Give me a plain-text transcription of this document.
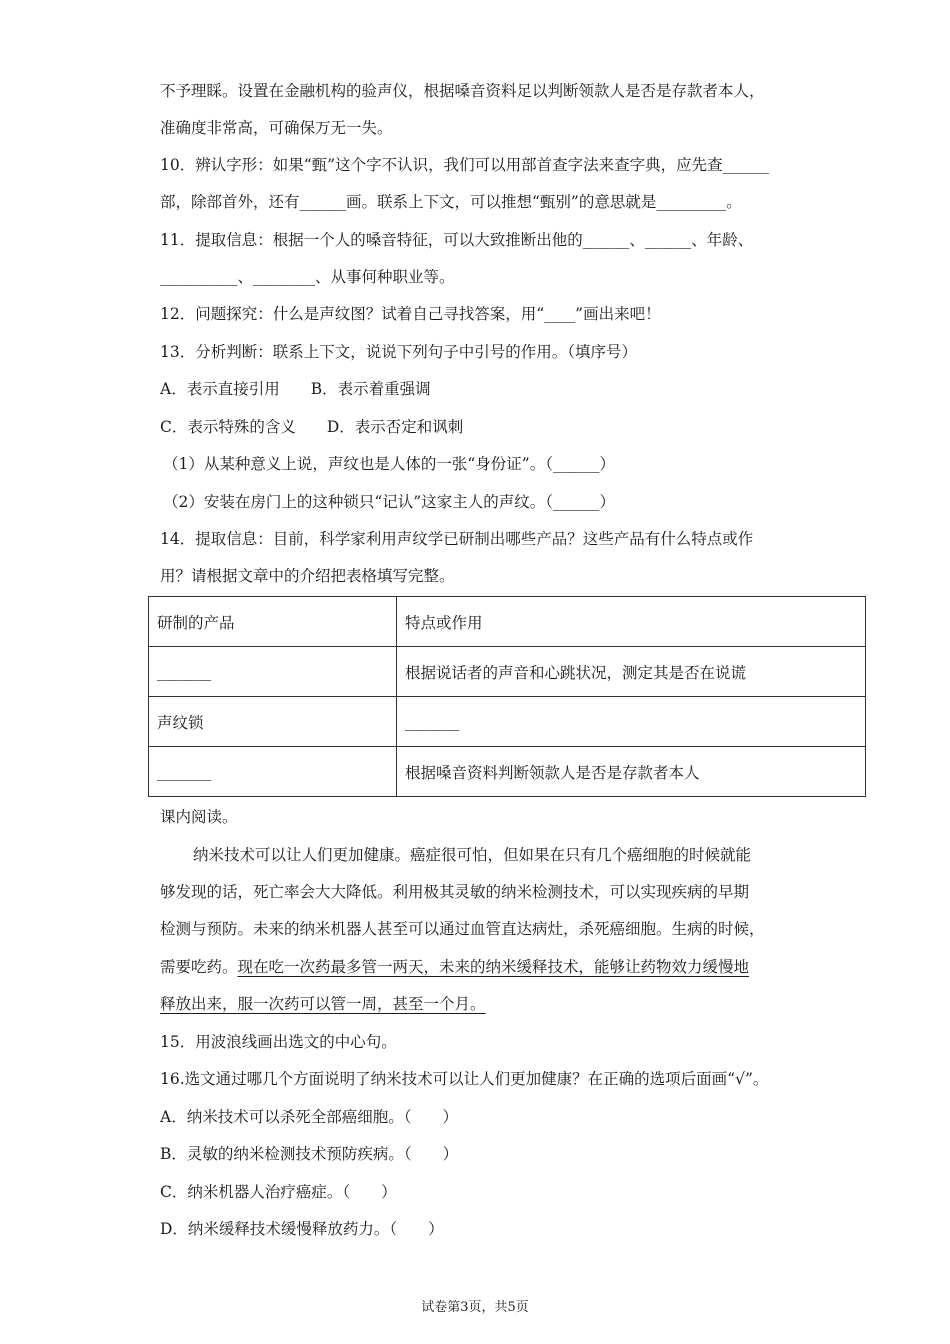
不予理睬。设置在金融机构的验声仪，根据嗓音资料足以判断领款人是否是存款者本人，
准确度非常高，可确保万无一失。
10．辨认字形：如果“甄”这个字不认识，我们可以用部首查字法来查字典，应先查______
部，除部首外，还有______画。联系上下文，可以推想“甄别”的意思就是_________。
11．提取信息：根据一个人的嗓音特征，可以大致推断出他的______、______、年龄、
__________、________、从事何种职业等。
12．问题探究：什么是声纹图？试着自己寻找答案，用“____”画出来吧！
13．分析判断：联系上下文，说说下列句子中引号的作用。（填序号）
A．表示直接引用　　B．表示着重强调
C．表示特殊的含义　　D．表示否定和讽刺
（1）从某种意义上说，声纹也是人体的一张“身份证”。（______）
（2）安装在房门上的这种锁只“记认”这家主人的声纹。（______）
14．提取信息：目前，科学家利用声纹学已研制出哪些产品？这些产品有什么特点或作
用？请根据文章中的介绍把表格填写完整。
研制的产品	特点或作用
_______	根据说话者的声音和心跳状况，测定其是否在说谎
声纹锁	_______
_______	根据嗓音资料判断领款人是否是存款者本人
课内阅读。
纳米技术可以让人们更加健康。癌症很可怕，但如果在只有几个癌细胞的时候就能
够发现的话，死亡率会大大降低。利用极其灵敏的纳米检测技术，可以实现疾病的早期
检测与预防。未来的纳米机器人甚至可以通过血管直达病灶，杀死癌细胞。生病的时候，
需要吃药。现在吃一次药最多管一两天，未来的纳米缓释技术，能够让药物效力缓慢地
释放出来，服一次药可以管一周，甚至一个月。
15．用波浪线画出选文的中心句。
16.选文通过哪几个方面说明了纳米技术可以让人们更加健康？在正确的选项后面画“√”。
A．纳米技术可以杀死全部癌细胞。（　　）
B．灵敏的纳米检测技术预防疾病。（　　）
C．纳米机器人治疗癌症。（　　）
D．纳米缓释技术缓慢释放药力。（　　）
试卷第3页，共5页
